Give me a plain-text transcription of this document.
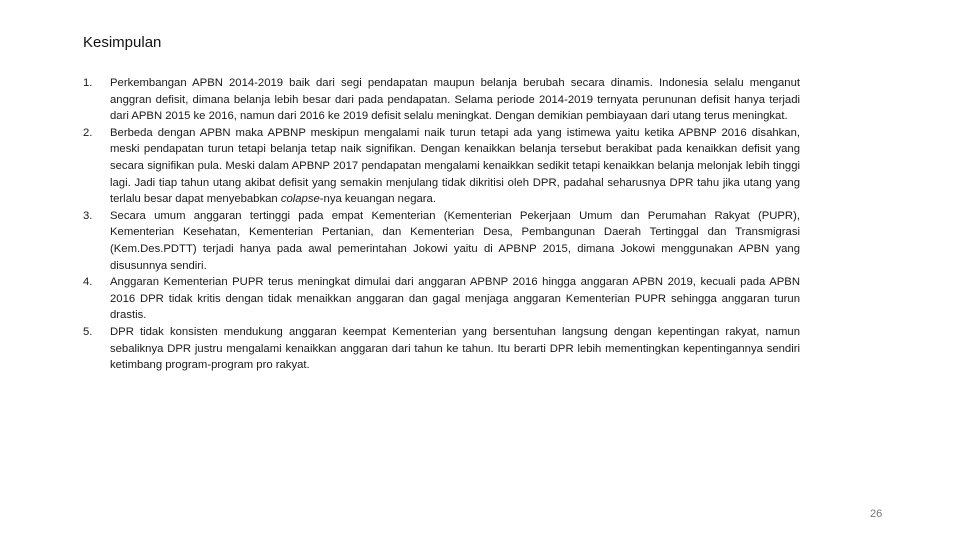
Kesimpulan
1.	Perkembangan APBN 2014-2019 baik dari segi pendapatan maupun belanja berubah secara dinamis. Indonesia selalu menganut anggran defisit, dimana belanja lebih besar dari pada pendapatan. Selama periode 2014-2019 ternyata perununan defisit hanya terjadi dari APBN 2015 ke 2016, namun dari 2016 ke 2019 defisit selalu meningkat. Dengan demikian pembiayaan dari utang terus meningkat.
2.	Berbeda dengan APBN maka APBNP meskipun mengalami naik turun tetapi ada yang istimewa yaitu ketika APBNP 2016 disahkan, meski pendapatan turun tetapi belanja tetap naik signifikan. Dengan kenaikkan belanja tersebut berakibat pada kenaikkan defisit yang secara signifikan pula. Meski dalam APBNP 2017 pendapatan mengalami kenaikkan sedikit tetapi kenaikkan belanja melonjak lebih tinggi lagi. Jadi tiap tahun utang akibat defisit yang semakin menjulang tidak dikritisi oleh DPR, padahal seharusnya DPR tahu jika utang yang terlalu besar dapat menyebabkan colapse-nya keuangan negara.
3.	Secara umum anggaran tertinggi pada empat Kementerian (Kementerian Pekerjaan Umum dan Perumahan Rakyat (PUPR), Kementerian Kesehatan, Kementerian Pertanian, dan Kementerian Desa, Pembangunan Daerah Tertinggal dan Transmigrasi (Kem.Des.PDTT) terjadi hanya pada awal pemerintahan Jokowi yaitu di APBNP 2015, dimana Jokowi menggunakan APBN yang disusunnya sendiri.
4.	Anggaran Kementerian PUPR terus meningkat dimulai dari anggaran APBNP 2016 hingga anggaran APBN 2019, kecuali pada APBN 2016 DPR tidak kritis dengan tidak menaikkan anggaran dan gagal menjaga anggaran Kementerian PUPR sehingga anggaran turun drastis.
5.	DPR tidak konsisten mendukung anggaran keempat Kementerian yang bersentuhan langsung dengan kepentingan rakyat, namun sebaliknya DPR justru mengalami kenaikkan anggaran dari tahun ke tahun. Itu berarti DPR lebih mementingkan kepentingannya sendiri ketimbang program-program pro rakyat.
26
